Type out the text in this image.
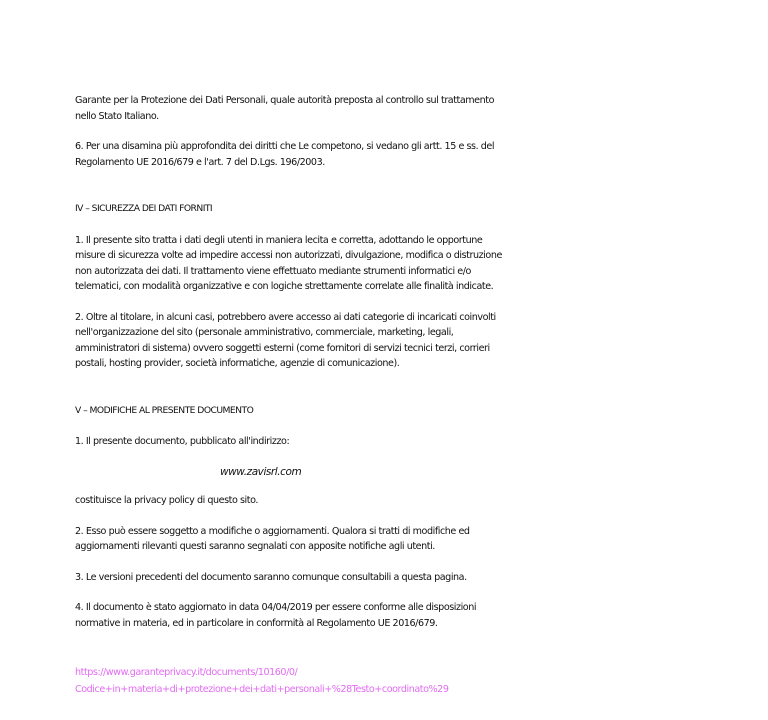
Garante per la Protezione dei Dati Personali, quale autorità preposta al controllo sul trattamento
nello Stato Italiano.

6. Per una disamina più approfondita dei diritti che Le competono, si vedano gli artt. 15 e ss. del
Regolamento UE 2016/679 e l'art. 7 del D.Lgs. 196/2003.

IV – SICUREZZA DEI DATI FORNITI

1. Il presente sito tratta i dati degli utenti in maniera lecita e corretta, adottando le opportune
misure di sicurezza volte ad impedire accessi non autorizzati, divulgazione, modifica o distruzione
non autorizzata dei dati. Il trattamento viene effettuato mediante strumenti informatici e/o
telematici, con modalità organizzative e con logiche strettamente correlate alle finalità indicate.

2. Oltre al titolare, in alcuni casi, potrebbero avere accesso ai dati categorie di incaricati coinvolti
nell'organizzazione del sito (personale amministrativo, commerciale, marketing, legali,
amministratori di sistema) ovvero soggetti esterni (come fornitori di servizi tecnici terzi, corrieri
postali, hosting provider, società informatiche, agenzie di comunicazione).

V – MODIFICHE AL PRESENTE DOCUMENTO

1. Il presente documento, pubblicato all'indirizzo:

www.zavisrl.com

costituisce la privacy policy di questo sito.

2. Esso può essere soggetto a modifiche o aggiornamenti. Qualora si tratti di modifiche ed
aggiornamenti rilevanti questi saranno segnalati con apposite notifiche agli utenti.

3. Le versioni precedenti del documento saranno comunque consultabili a questa pagina.

4. Il documento è stato aggiornato in data 04/04/2019 per essere conforme alle disposizioni
normative in materia, ed in particolare in conformità al Regolamento UE 2016/679.

https://www.garanteprivacy.it/documents/10160/0/
Codice+in+materia+di+protezione+dei+dati+personali+%28Testo+coordinato%29
